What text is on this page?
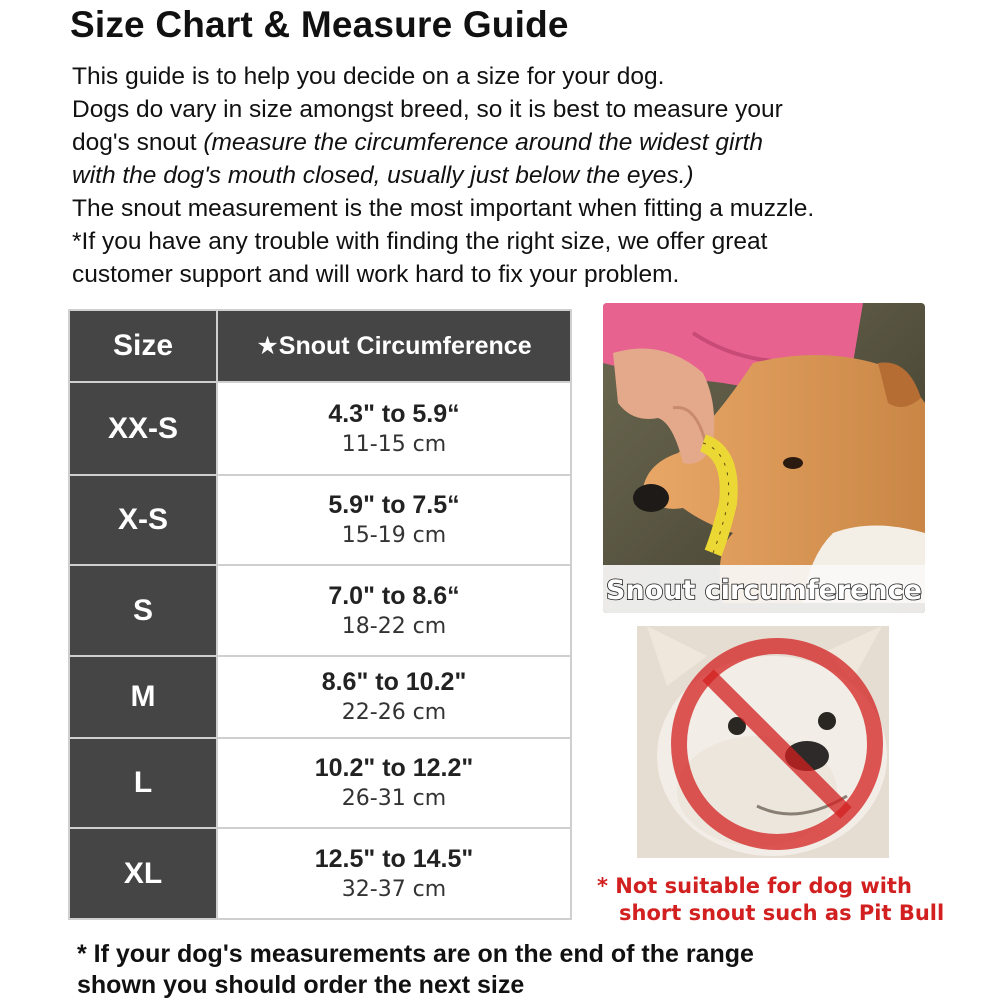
Size Chart & Measure Guide
This guide is to help you decide on a size for your dog.
Dogs do vary in size amongst breed, so it is best to measure your
dog's snout (measure the circumference around the widest girth
with the dog's mouth closed, usually just below the eyes.)
The snout measurement is the most important when fitting a muzzle.
*If you have any trouble with finding the right size, we offer great
customer support and will work hard to fix your problem.
Size	★Snout Circumference
XX-S	4.3" to 5.9“
11-15 cm

X-S	5.9" to 7.5“
15-19 cm

S	7.0" to 8.6“
18-22 cm

M	8.6" to 10.2"
22-26 cm

L	10.2" to 12.2"
26-31 cm

XL	12.5" to 14.5"
32-37 cm
Snout circumference
* Not suitable for dog with
short snout such as Pit Bull
* If your dog's measurements are on the end of the range
shown you should order the next size
